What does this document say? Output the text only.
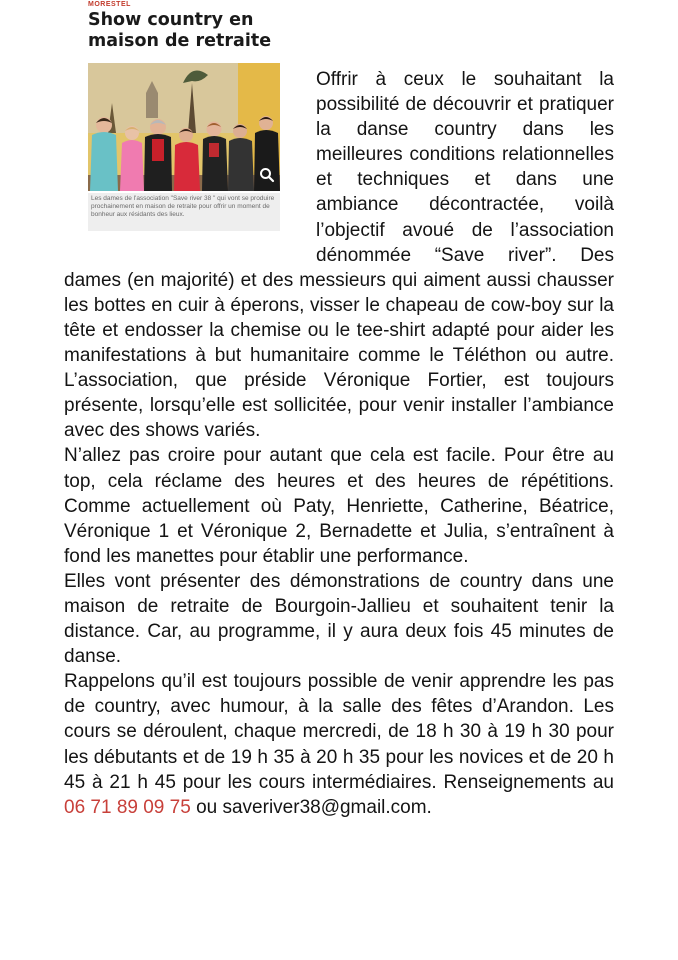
MORESTEL
Show country en maison de retraite
Les dames de l'association "Save river 38 " qui vont se produire prochainement en maison de retraite pour offrir un moment de bonheur aux résidants des lieux.

Offrir à ceux le souhaitant la possibilité de découvrir et pratiquer la danse country dans les meilleures conditions relationnelles et techniques et dans une ambiance décontractée, voilà l’objectif avoué de l’association dénommée “Save river”. Des dames (en majorité) et des messieurs qui aiment aussi chausser les bottes en cuir à éperons, visser le chapeau de cow-boy sur la tête et endosser la chemise ou le tee-shirt adapté pour aider les manifestations à but humanitaire comme le Téléthon ou autre. L’association, que préside Véronique Fortier, est toujours présente, lorsqu’elle est sollicitée, pour venir installer l’ambiance avec des shows variés.

N’allez pas croire pour autant que cela est facile. Pour être au top, cela réclame des heures et des heures de répétitions. Comme actuellement où Paty, Henriette, Catherine, Béatrice, Véronique 1 et Véronique 2, Bernadette et Julia, s’entraînent à fond les manettes pour établir une performance.

Elles vont présenter des démonstrations de country dans une maison de retraite de Bourgoin-Jallieu et souhaitent tenir la distance. Car, au programme, il y aura deux fois 45 minutes de danse.

Rappelons qu’il est toujours possible de venir apprendre les pas de country, avec humour, à la salle des fêtes d’Arandon. Les cours se déroulent, chaque mercredi, de 18 h 30 à 19 h 30 pour les débutants et de 19 h 35 à 20 h 35 pour les novices et de 20 h 45 à 21 h 45 pour les cours intermédiaires. Renseignements au 06 71 89 09 75 ou saveriver38@gmail.com.
